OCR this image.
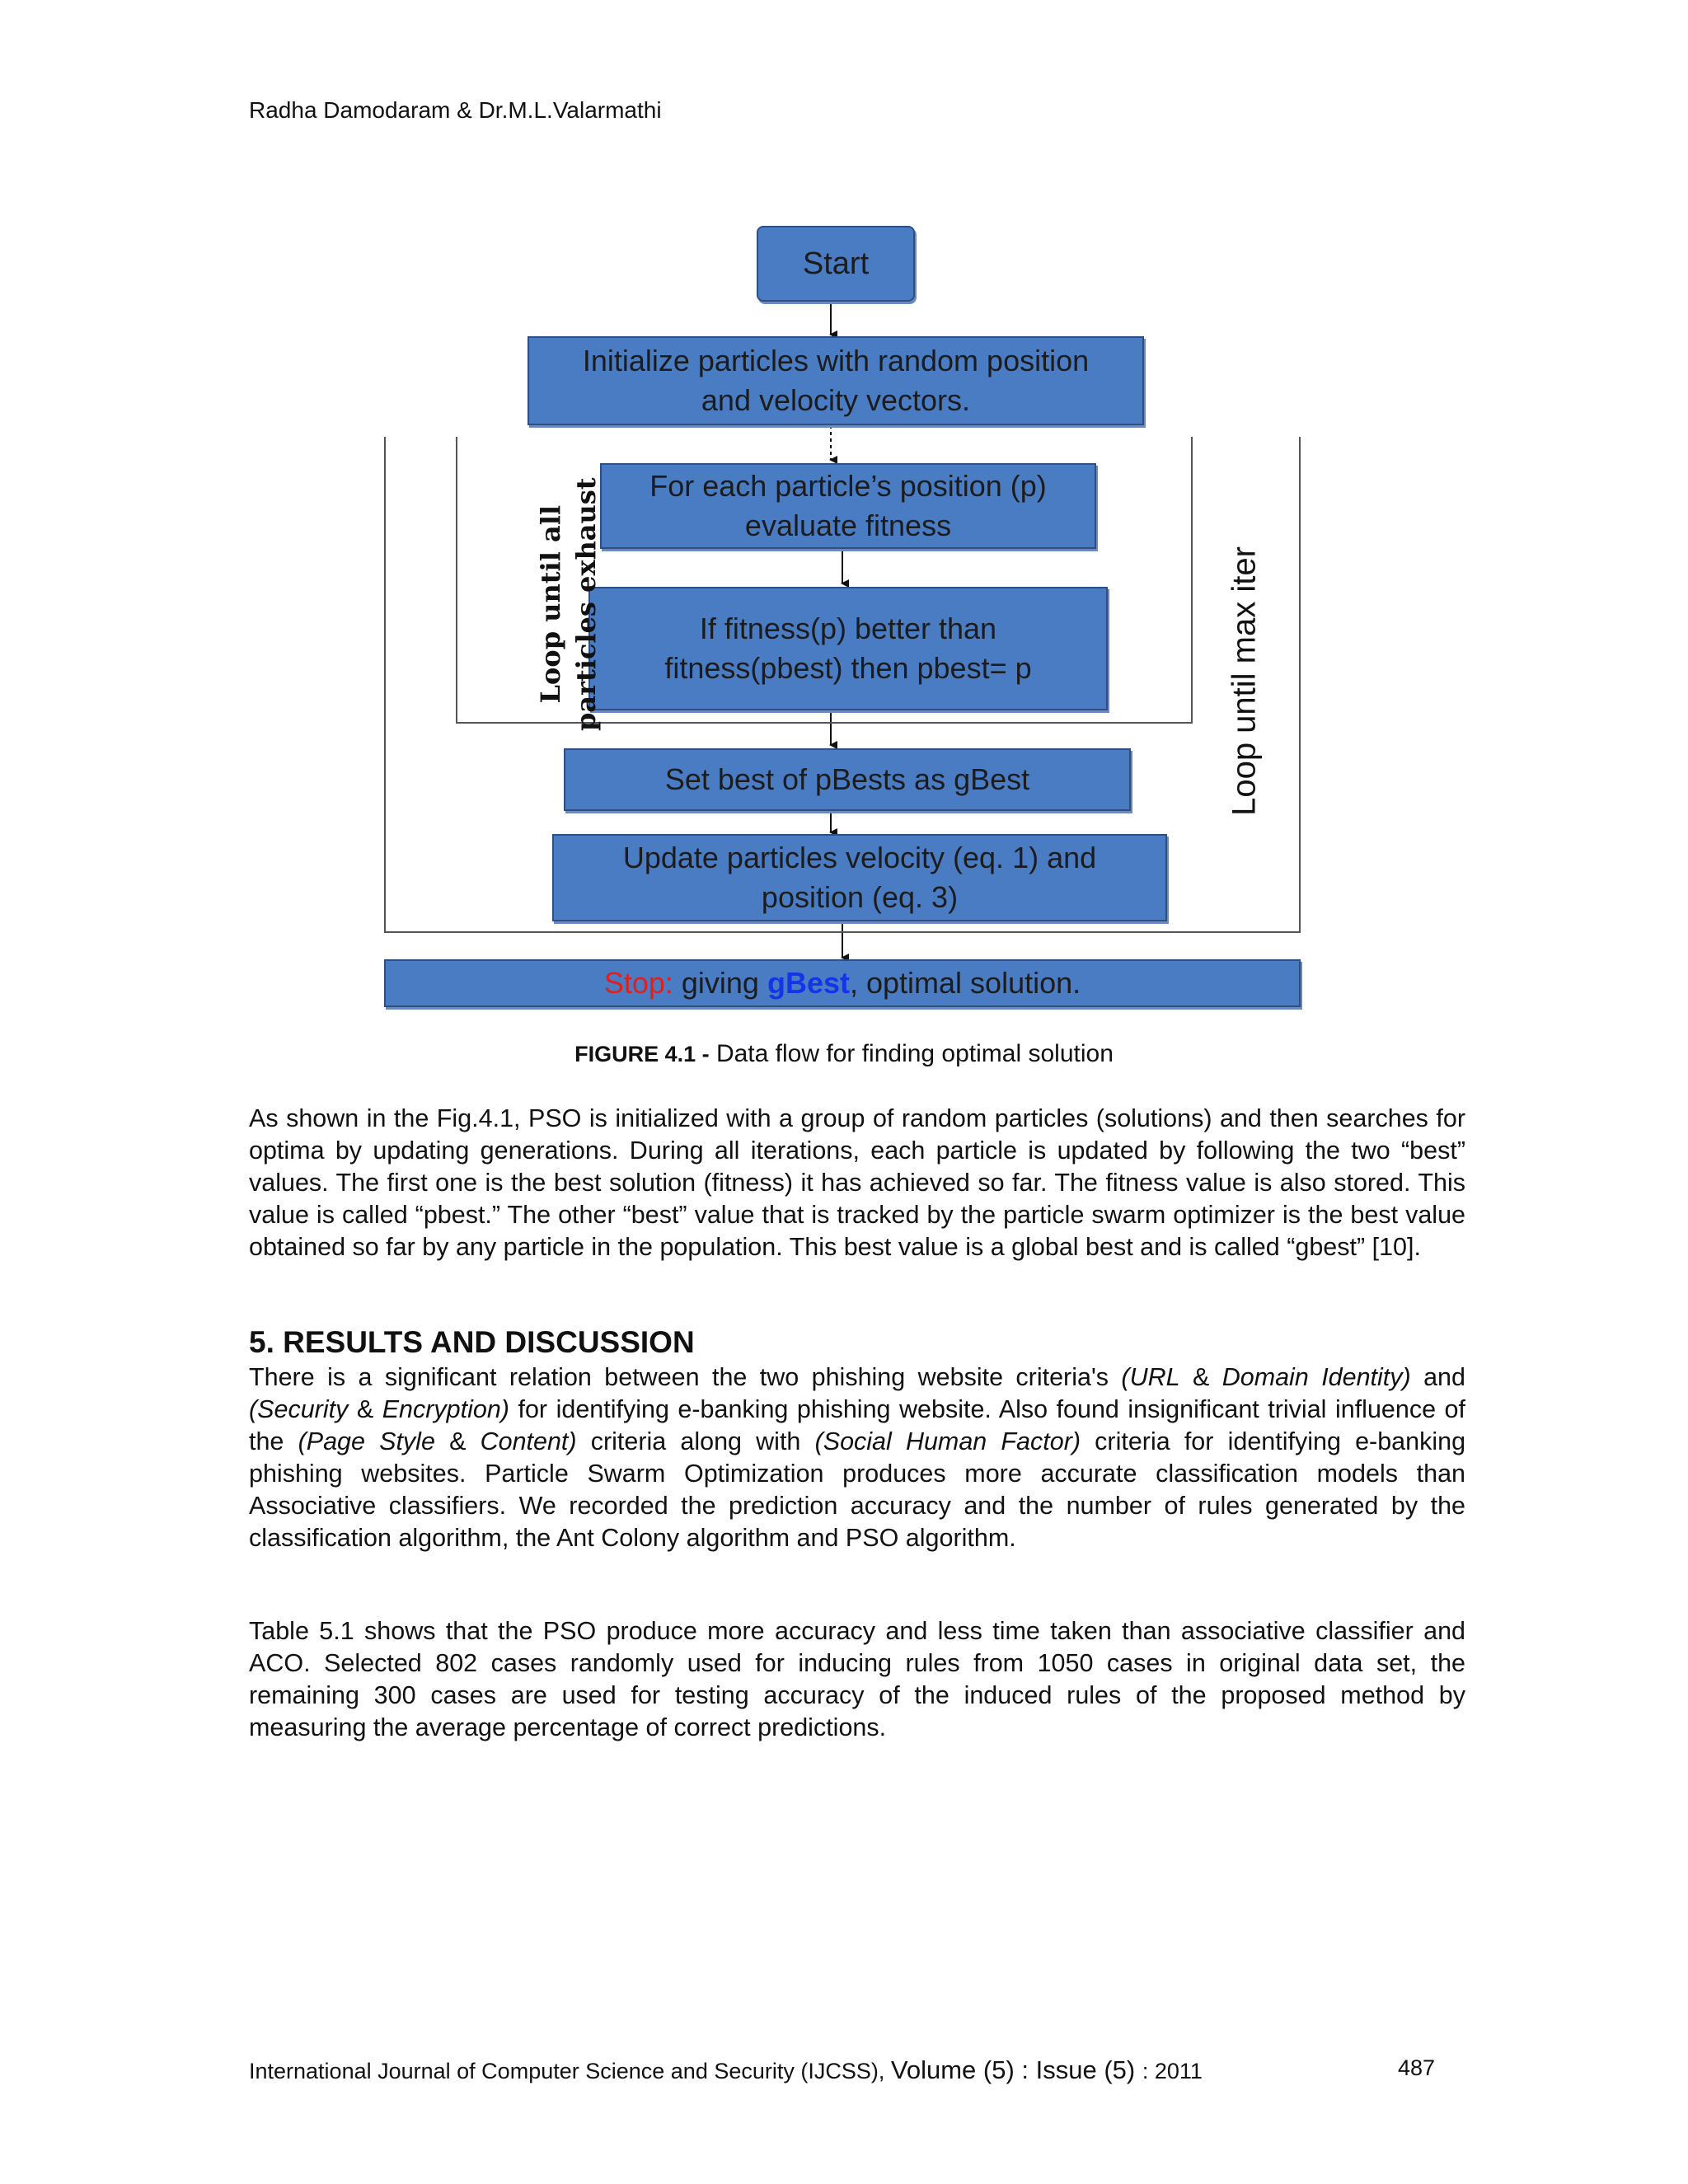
Radha Damodaram & Dr.M.L.Valarmathi
Start
Initialize particles with random position
and velocity vectors.
For each particle’s position (p)
evaluate fitness
If fitness(p) better than
fitness(pbest) then pbest= p
Set best of pBests as gBest
Update particles velocity (eq. 1) and
position (eq. 3)
Stop: giving gBest, optimal solution.
Loop until all particles exhaust	Loop until max iter
FIGURE 4.1 - Data flow for finding optimal solution
As shown in the Fig.4.1, PSO is initialized with a group of random particles (solutions) and then searches for optima by updating generations. During all iterations, each particle is updated by following the two “best” values. The first one is the best solution (fitness) it has achieved so far. The fitness value is also stored. This value is called “pbest.” The other “best” value that is tracked by the particle swarm optimizer is the best value obtained so far by any particle in the population. This best value is a global best and is called “gbest” [10].
5. RESULTS AND DISCUSSION
There is a significant relation between the two phishing website criteria's (URL & Domain Identity) and (Security & Encryption) for identifying e-banking phishing website. Also found insignificant trivial influence of the (Page Style & Content) criteria along with (Social Human Factor) criteria for identifying e-banking phishing websites. Particle Swarm Optimization produces more accurate classification models than Associative classifiers. We recorded the prediction accuracy and the number of rules generated by the classification algorithm, the Ant Colony algorithm and PSO algorithm.
Table 5.1 shows that the PSO produce more accuracy and less time taken than associative classifier and ACO. Selected 802 cases randomly used for inducing rules from 1050 cases in original data set, the remaining 300 cases are used for testing accuracy of the induced rules of the proposed method by measuring the average percentage of correct predictions.
International Journal of Computer Science and Security (IJCSS), Volume (5) : Issue (5) : 2011	487
